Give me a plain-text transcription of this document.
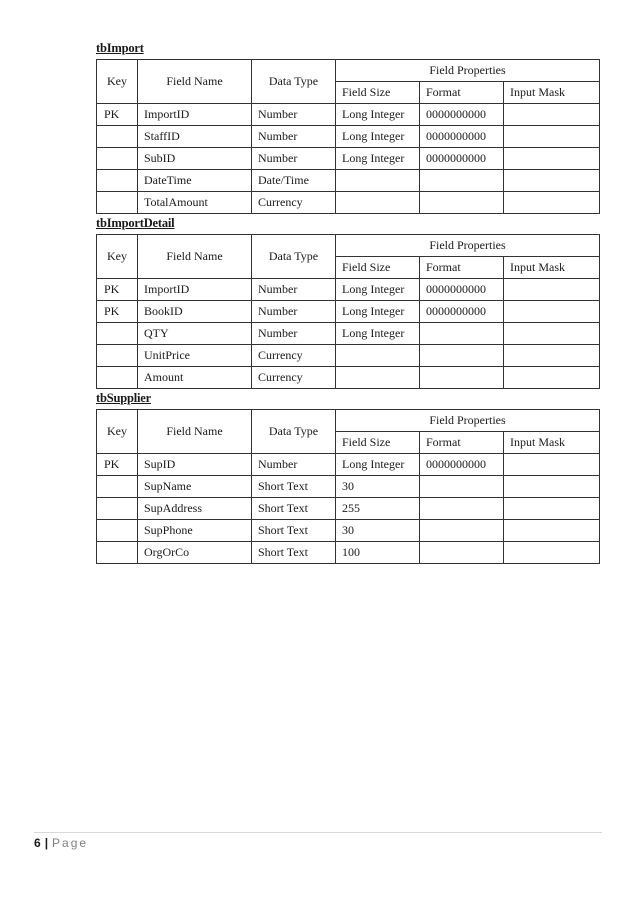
tbImport
Key	Field Name	Data Type	Field Properties		
			Field Size	Format	Input Mask
PK	ImportID	Number	Long Integer	0000000000	
	StaffID	Number	Long Integer	0000000000	
	SubID	Number	Long Integer	0000000000	
	DateTime	Date/Time			
	TotalAmount	Currency			
tbImportDetail
Key	Field Name	Data Type	Field Properties		
			Field Size	Format	Input Mask
PK	ImportID	Number	Long Integer	0000000000	
PK	BookID	Number	Long Integer	0000000000	
	QTY	Number	Long Integer		
	UnitPrice	Currency			
	Amount	Currency			
tbSupplier
Key	Field Name	Data Type	Field Properties		
			Field Size	Format	Input Mask
PK	SupID	Number	Long Integer	0000000000	
	SupName	Short Text	30		
	SupAddress	Short Text	255		
	SupPhone	Short Text	30		
	OrgOrCo	Short Text	100		
6 | Page
